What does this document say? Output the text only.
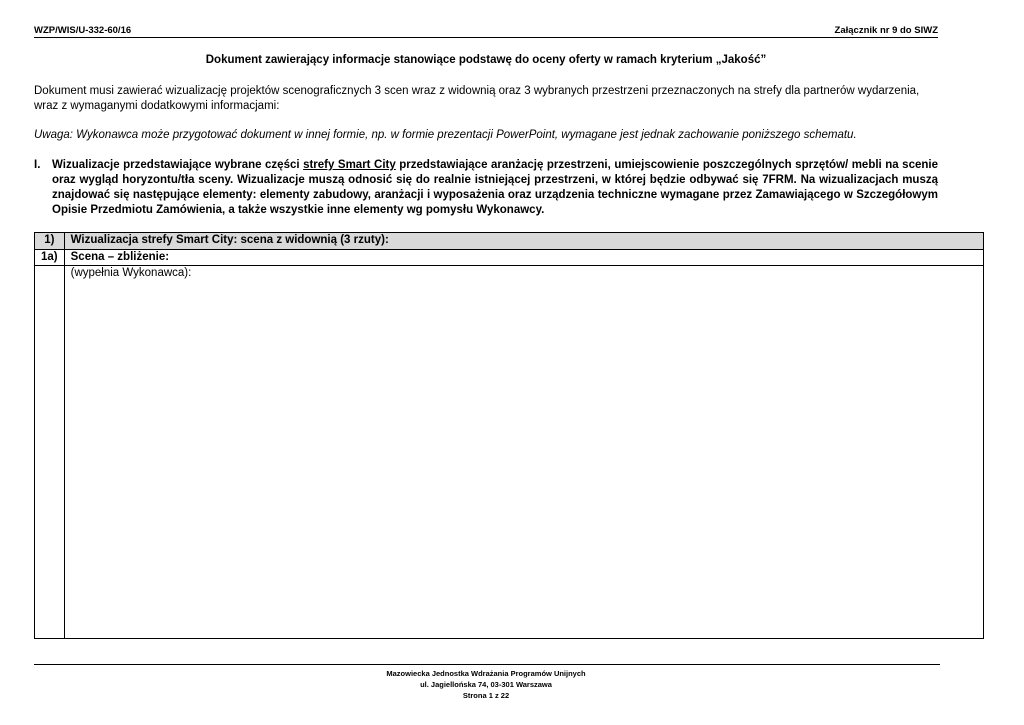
WZP/WIS/U-332-60/16	Załącznik nr 9 do SIWZ
Dokument zawierający informacje stanowiące podstawę do oceny oferty w ramach kryterium „Jakość”
Dokument musi zawierać wizualizację projektów scenograficznych 3 scen wraz z widownią oraz 3 wybranych przestrzeni przeznaczonych na strefy dla partnerów wydarzenia, wraz z wymaganymi dodatkowymi informacjami:
Uwaga: Wykonawca może przygotować dokument w innej formie, np. w formie prezentacji PowerPoint, wymagane jest jednak zachowanie poniższego schematu.
I. Wizualizacje przedstawiające wybrane części strefy Smart City przedstawiające aranżację przestrzeni, umiejscowienie poszczególnych sprzętów/ mebli na scenie oraz wygląd horyzontu/tła sceny. Wizualizacje muszą odnosić się do realnie istniejącej przestrzeni, w której będzie odbywać się 7FRM. Na wizualizacjach muszą znajdować się następujące elementy: elementy zabudowy, aranżacji i wyposażenia oraz urządzenia techniczne wymagane przez Zamawiającego w Szczegółowym Opisie Przedmiotu Zamówienia, a także wszystkie inne elementy wg pomysłu Wykonawcy.
1)	Wizualizacja strefy Smart City: scena z widownią (3 rzuty):
1a)	Scena – zbliżenie:
	(wypełnia Wykonawca):
Mazowiecka Jednostka Wdrażania Programów Unijnych
ul. Jagiellońska 74, 03-301 Warszawa
Strona 1 z 22
